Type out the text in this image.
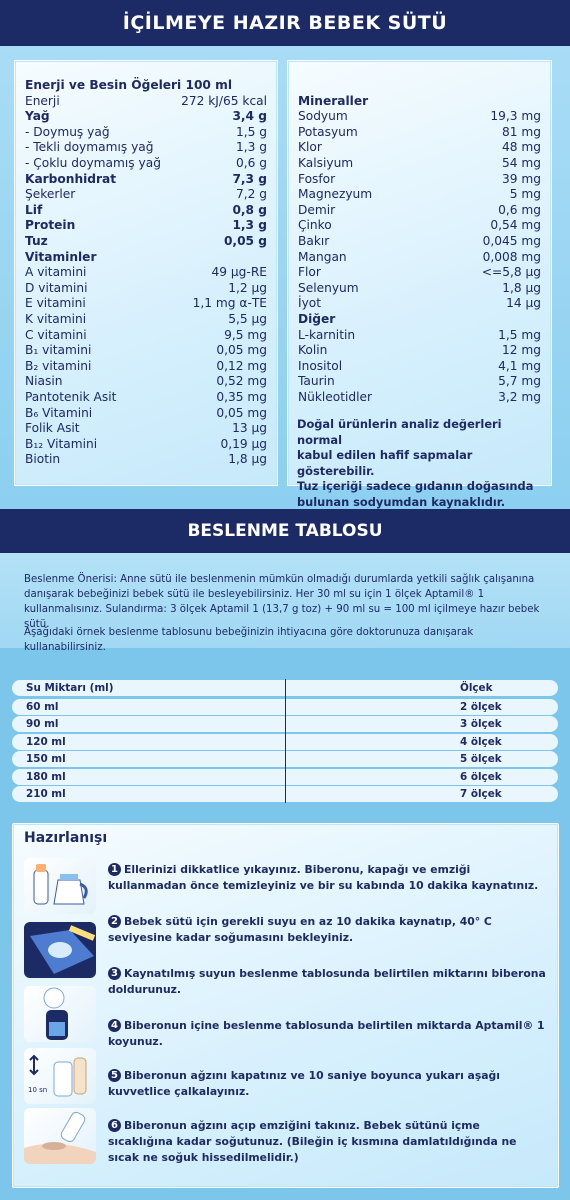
İÇİLMEYE HAZIR BEBEK SÜTÜ
Enerji ve Besin Öğeleri 100 ml
Enerji	272 kJ/65 kcal
Yağ	3,4 g
- Doymuş yağ	1,5 g
- Tekli doymamış yağ	1,3 g
- Çoklu doymamış yağ	0,6 g
Karbonhidrat	7,3 g
Şekerler	7,2 g
Lif	0,8 g
Protein	1,3 g
Tuz	0,05 g
Vitaminler
A vitamini	49 µg-RE
D vitamini	1,2 µg
E vitamini	1,1 mg α-TE
K vitamini	5,5 µg
C vitamini	9,5 mg
B₁ vitamini	0,05 mg
B₂ vitamini	0,12 mg
Niasin	0,52 mg
Pantotenik Asit	0,35 mg
B₆ Vitamini	0,05 mg
Folik Asit	13 µg
B₁₂ Vitamini	0,19 µg
Biotin	1,8 µg
Mineraller
Sodyum	19,3 mg
Potasyum	81 mg
Klor	48 mg
Kalsiyum	54 mg
Fosfor	39 mg
Magnezyum	5 mg
Demir	0,6 mg
Çinko	0,54 mg
Bakır	0,045 mg
Mangan	0,008 mg
Flor	<=5,8 µg
Selenyum	1,8 µg
İyot	14 µg
Diğer
L-karnitin	1,5 mg
Kolin	12 mg
Inositol	4,1 mg
Taurin	5,7 mg
Nükleotidler	3,2 mg
Doğal ürünlerin analiz değerleri normal
kabul edilen hafif sapmalar gösterebilir.
Tuz içeriği sadece gıdanın doğasında
bulunan sodyumdan kaynaklıdır.
BESLENME TABLOSU
Beslenme Önerisi: Anne sütü ile beslenmenin mümkün olmadığı durumlarda yetkili sağlık çalışanına
danışarak bebeğinizi bebek sütü ile besleyebilirsiniz. Her 30 ml su için 1 ölçek Aptamil® 1
kullanmalısınız. Sulandırma: 3 ölçek Aptamil 1 (13,7 g toz) + 90 ml su = 100 ml içilmeye hazır bebek sütü.
Aşağıdaki örnek beslenme tablosunu bebeğinizin ihtiyacına göre doktorunuza danışarak kullanabilirsiniz.
Su Miktarı (ml)	Ölçek
60 ml	2 ölçek
90 ml	3 ölçek
120 ml	4 ölçek
150 ml	5 ölçek
180 ml	6 ölçek
210 ml	7 ölçek
Hazırlanışı
10 sn
1 Ellerinizi dikkatlice yıkayınız. Biberonu, kapağı ve emziği kullanmadan önce temizleyiniz ve bir su kabında 10 dakika kaynatınız.
2 Bebek sütü için gerekli suyu en az 10 dakika kaynatıp, 40° C seviyesine kadar soğumasını bekleyiniz.
3 Kaynatılmış suyun beslenme tablosunda belirtilen miktarını biberona doldurunuz.
4 Biberonun içine beslenme tablosunda belirtilen miktarda Aptamil® 1 koyunuz.
5 Biberonun ağzını kapatınız ve 10 saniye boyunca yukarı aşağı kuvvetlice çalkalayınız.
6 Biberonun ağzını açıp emziğini takınız. Bebek sütünü içme sıcaklığına kadar soğutunuz. (Bileğin iç kısmına damlatıldığında ne sıcak ne soğuk hissedilmelidir.)
